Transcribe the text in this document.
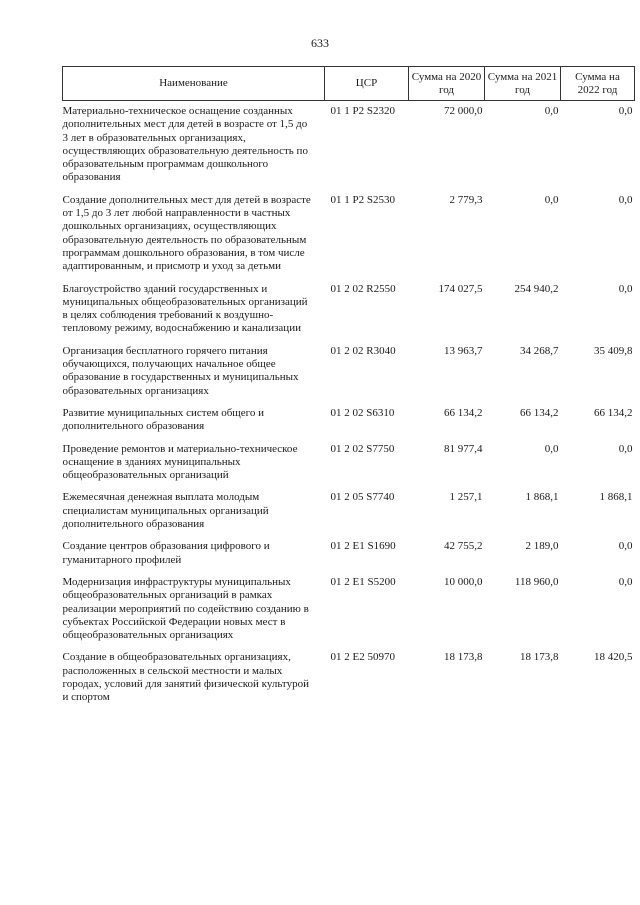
633
Наименование	ЦСР	Сумма на 2020 год	Сумма на 2021 год	Сумма на 2022 год
Материально-техническое оснащение созданных дополнительных мест для детей в возрасте от 1,5 до 3 лет в образовательных организациях, осуществляющих образовательную деятельность по образовательным программам дошкольного образования	01 1 P2 S2320	72 000,0	0,0	0,0
Создание дополнительных мест для детей в возрасте от 1,5 до 3 лет любой направленности в частных дошкольных организациях, осуществляющих образовательную деятельность по образовательным программам дошкольного образования, в том числе адаптированным, и присмотр и уход за детьми	01 1 P2 S2530	2 779,3	0,0	0,0
Благоустройство зданий государственных и муниципальных общеобразовательных организаций в целях соблюдения требований к воздушно-тепловому режиму, водоснабжению и канализации	01 2 02 R2550	174 027,5	254 940,2	0,0
Организация бесплатного горячего питания обучающихся, получающих начальное общее образование в государственных и муниципальных образовательных организациях	01 2 02 R3040	13 963,7	34 268,7	35 409,8
Развитие муниципальных систем общего и дополнительного образования	01 2 02 S6310	66 134,2	66 134,2	66 134,2
Проведение ремонтов и материально-техническое оснащение в зданиях муниципальных общеобразовательных организаций	01 2 02 S7750	81 977,4	0,0	0,0
Ежемесячная денежная выплата молодым специалистам муниципальных организаций дополнительного образования	01 2 05 S7740	1 257,1	1 868,1	1 868,1
Создание центров образования цифрового и гуманитарного профилей	01 2 E1 S1690	42 755,2	2 189,0	0,0
Модернизация инфраструктуры муниципальных общеобразовательных организаций в рамках реализации мероприятий по содействию созданию в субъектах Российской Федерации новых мест в общеобразовательных организациях	01 2 E1 S5200	10 000,0	118 960,0	0,0
Создание в общеобразовательных организациях, расположенных в сельской местности и малых городах, условий для занятий физической культурой и спортом	01 2 E2 50970	18 173,8	18 173,8	18 420,5
